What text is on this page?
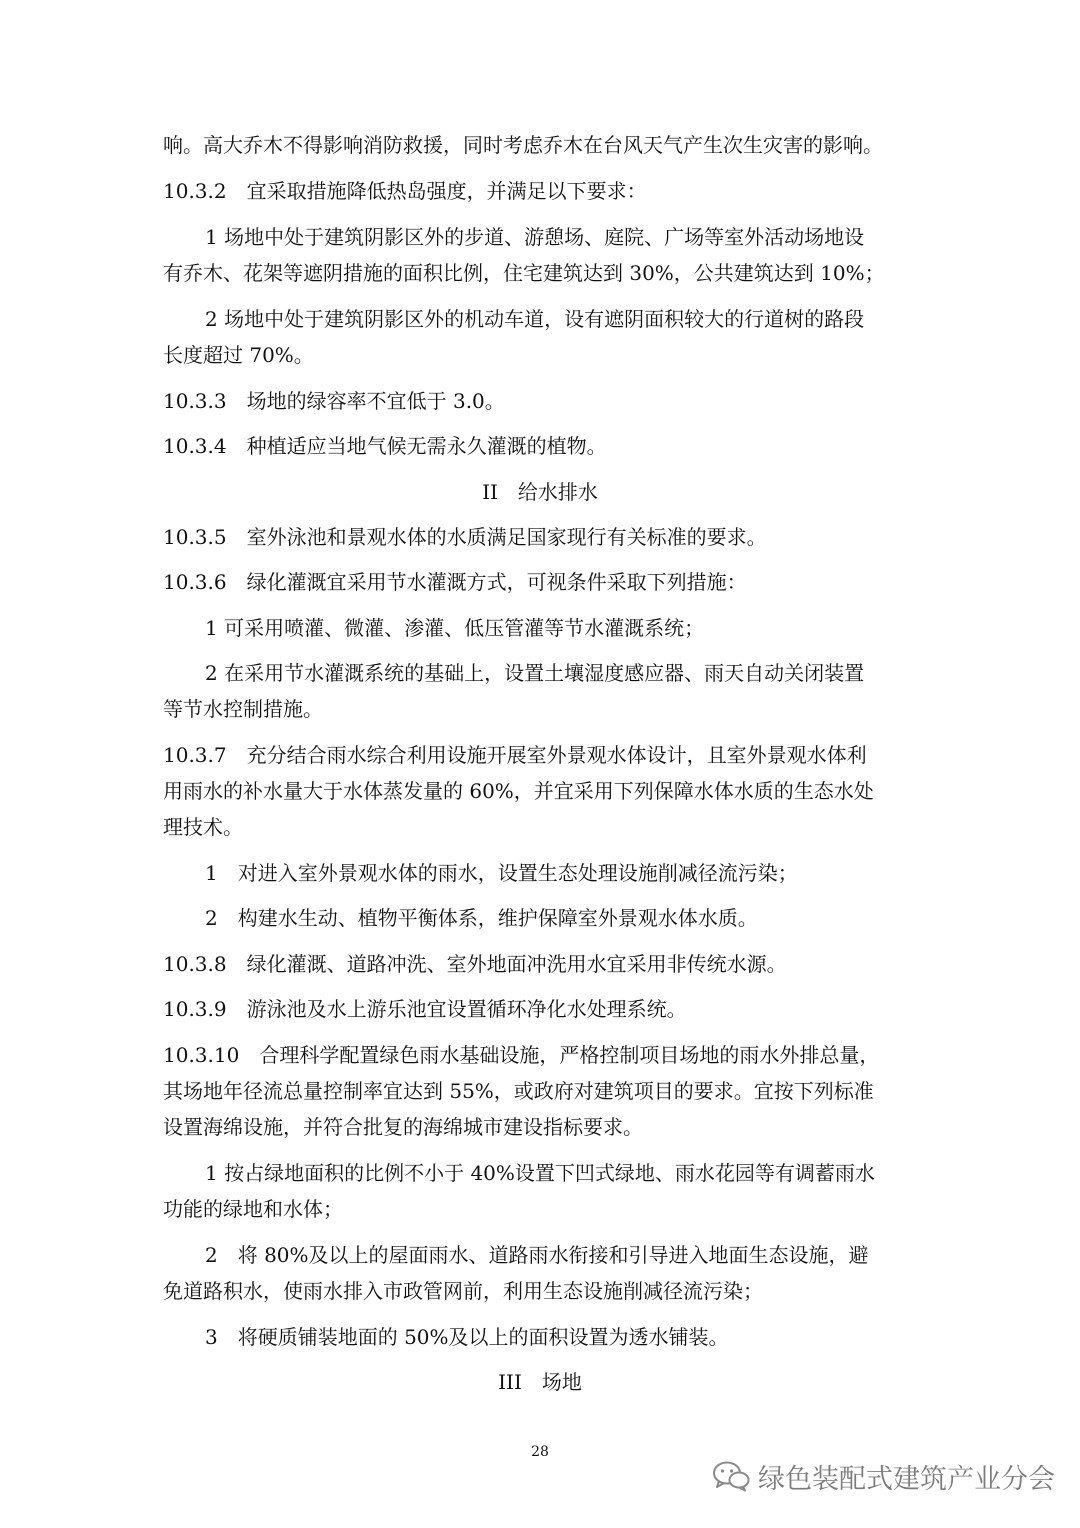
响。高大乔木不得影响消防救援，同时考虑乔木在台风天气产生次生灾害的影响。
10.3.2　宜采取措施降低热岛强度，并满足以下要求：
1 场地中处于建筑阴影区外的步道、游憩场、庭院、广场等室外活动场地设
有乔木、花架等遮阴措施的面积比例，住宅建筑达到 30%，公共建筑达到 10%；
2 场地中处于建筑阴影区外的机动车道，设有遮阴面积较大的行道树的路段
长度超过 70%。
10.3.3　场地的绿容率不宜低于 3.0。
10.3.4　种植适应当地气候无需永久灌溉的植物。
II　给水排水
10.3.5　室外泳池和景观水体的水质满足国家现行有关标准的要求。
10.3.6　绿化灌溉宜采用节水灌溉方式，可视条件采取下列措施：
1 可采用喷灌、微灌、渗灌、低压管灌等节水灌溉系统；
2 在采用节水灌溉系统的基础上，设置土壤湿度感应器、雨天自动关闭装置
等节水控制措施。
10.3.7　充分结合雨水综合利用设施开展室外景观水体设计，且室外景观水体利
用雨水的补水量大于水体蒸发量的 60%，并宜采用下列保障水体水质的生态水处
理技术。
1　对进入室外景观水体的雨水，设置生态处理设施削减径流污染；
2　构建水生动、植物平衡体系，维护保障室外景观水体水质。
10.3.8　绿化灌溉、道路冲洗、室外地面冲洗用水宜采用非传统水源。
10.3.9　游泳池及水上游乐池宜设置循环净化水处理系统。
10.3.10　合理科学配置绿色雨水基础设施，严格控制项目场地的雨水外排总量，
其场地年径流总量控制率宜达到 55%，或政府对建筑项目的要求。宜按下列标准
设置海绵设施，并符合批复的海绵城市建设指标要求。
1 按占绿地面积的比例不小于 40%设置下凹式绿地、雨水花园等有调蓄雨水
功能的绿地和水体；
2　将 80%及以上的屋面雨水、道路雨水衔接和引导进入地面生态设施，避
免道路积水，使雨水排入市政管网前，利用生态设施削减径流污染；
3　将硬质铺装地面的 50%及以上的面积设置为透水铺装。
III　场地
28
绿色装配式建筑产业分会
